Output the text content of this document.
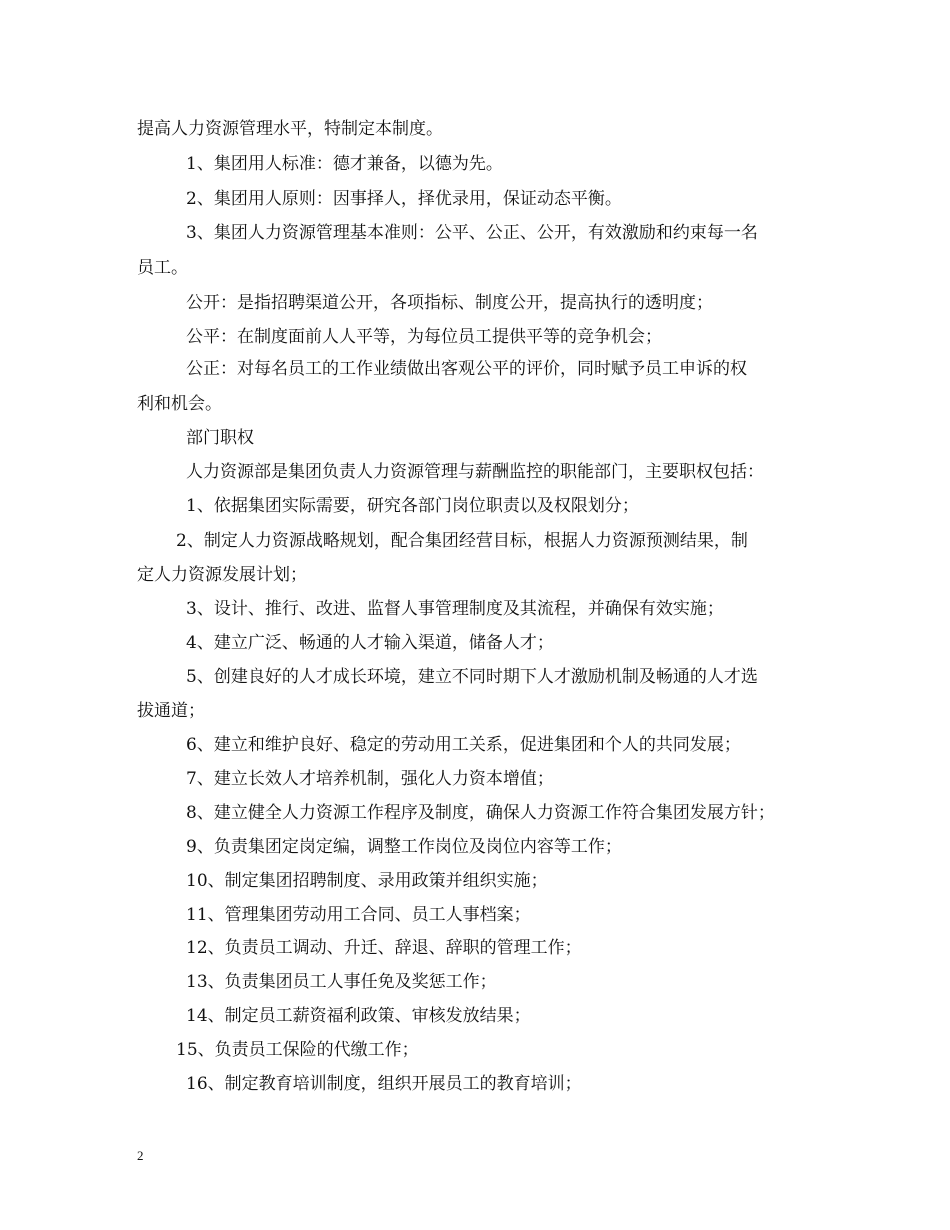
提高人力资源管理水平，特制定本制度。
1、集团用人标准：德才兼备，以德为先。
2、集团用人原则：因事择人，择优录用，保证动态平衡。
3、集团人力资源管理基本准则：公平、公正、公开，有效激励和约束每一名
员工。
公开：是指招聘渠道公开，各项指标、制度公开，提高执行的透明度；
公平：在制度面前人人平等，为每位员工提供平等的竞争机会；
公正：对每名员工的工作业绩做出客观公平的评价，同时赋予员工申诉的权
利和机会。
部门职权
人力资源部是集团负责人力资源管理与薪酬监控的职能部门，主要职权包括：
1、依据集团实际需要，研究各部门岗位职责以及权限划分；
2、制定人力资源战略规划，配合集团经营目标，根据人力资源预测结果，制
定人力资源发展计划；
3、设计、推行、改进、监督人事管理制度及其流程，并确保有效实施；
4、建立广泛、畅通的人才输入渠道，储备人才；
5、创建良好的人才成长环境，建立不同时期下人才激励机制及畅通的人才选
拔通道；
6、建立和维护良好、稳定的劳动用工关系，促进集团和个人的共同发展；
7、建立长效人才培养机制，强化人力资本增值；
8、建立健全人力资源工作程序及制度，确保人力资源工作符合集团发展方针；
9、负责集团定岗定编，调整工作岗位及岗位内容等工作；
10、制定集团招聘制度、录用政策并组织实施；
11、管理集团劳动用工合同、员工人事档案；
12、负责员工调动、升迁、辞退、辞职的管理工作；
13、负责集团员工人事任免及奖惩工作；
14、制定员工薪资福利政策、审核发放结果；
15、负责员工保险的代缴工作；
16、制定教育培训制度，组织开展员工的教育培训；
2
